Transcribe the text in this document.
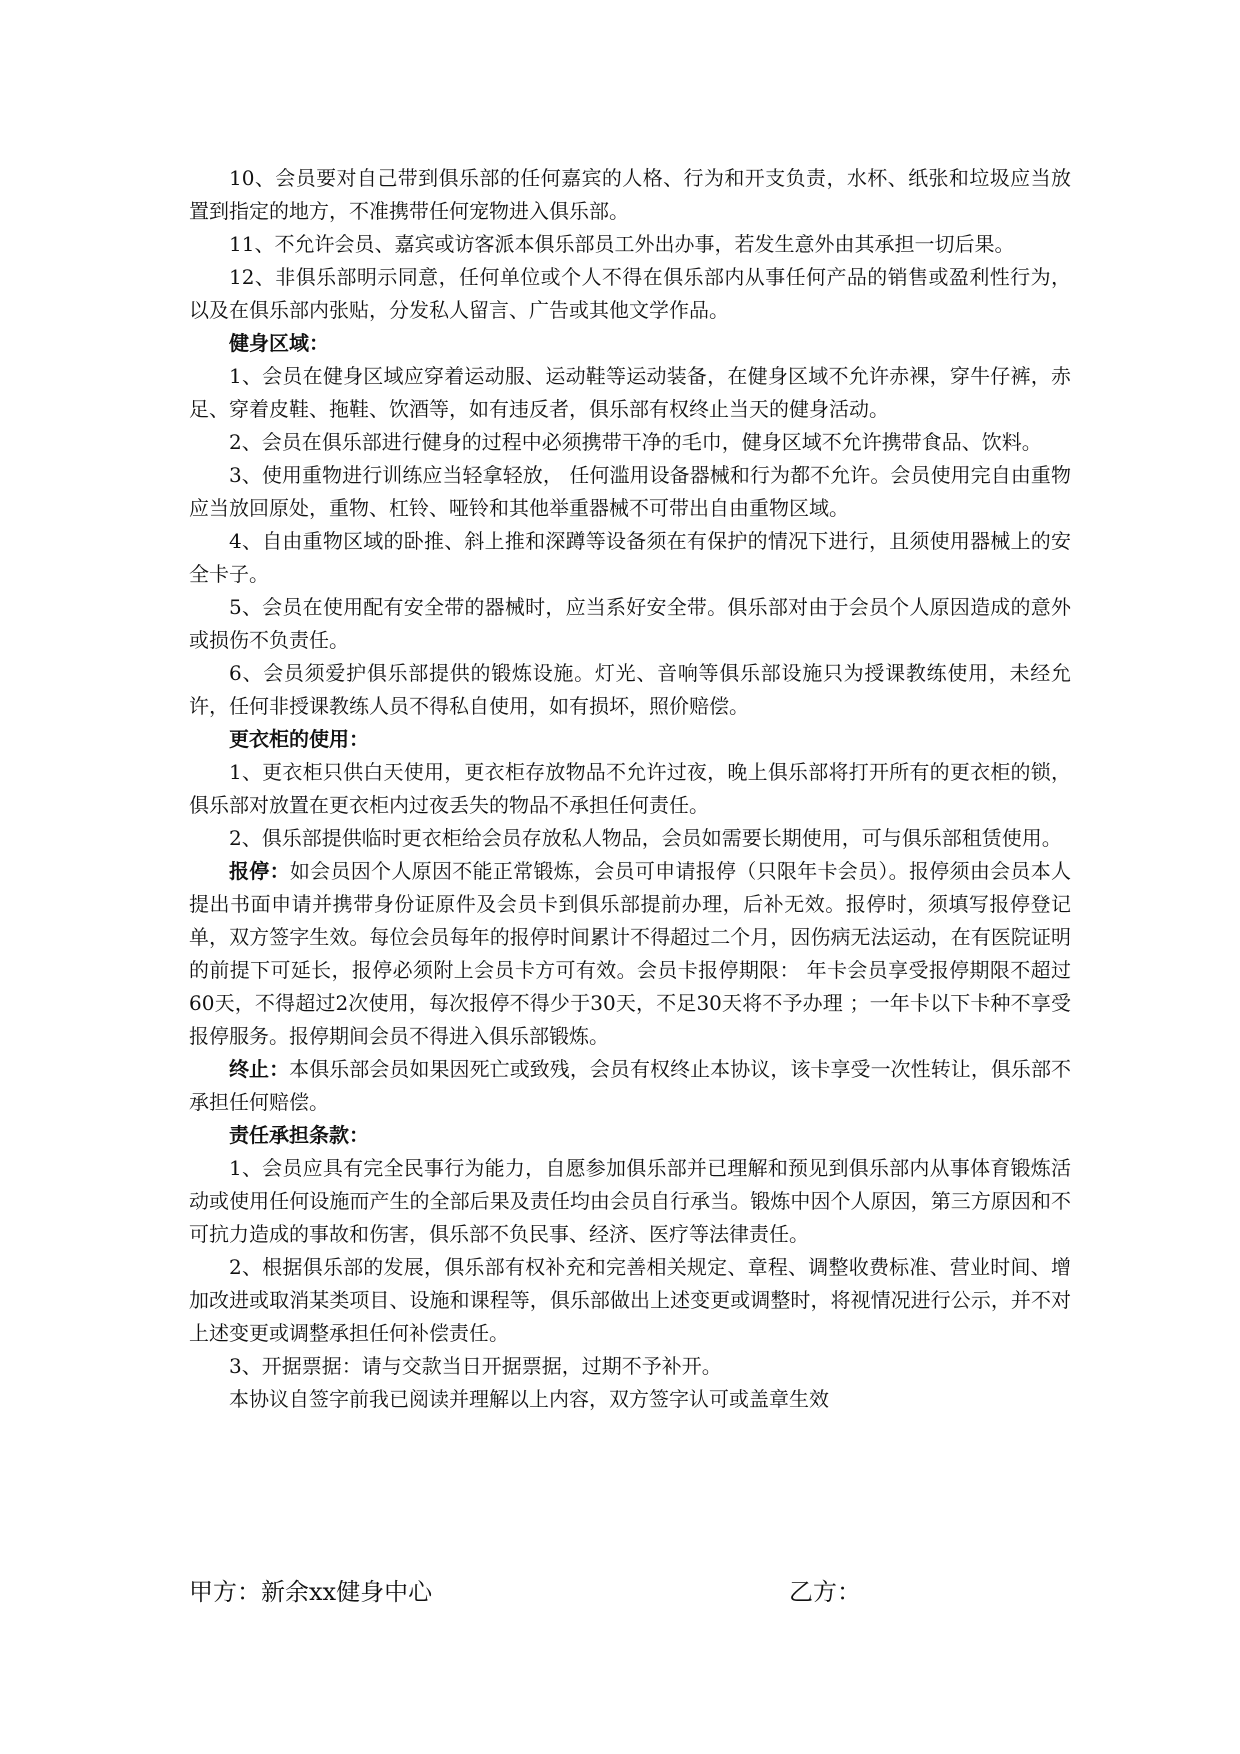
10、会员要对自己带到俱乐部的任何嘉宾的人格、行为和开支负责，水杯、纸张和垃圾应当放置到指定的地方，不准携带任何宠物进入俱乐部。

11、不允许会员、嘉宾或访客派本俱乐部员工外出办事，若发生意外由其承担一切后果。

12、非俱乐部明示同意，任何单位或个人不得在俱乐部内从事任何产品的销售或盈利性行为，以及在俱乐部内张贴，分发私人留言、广告或其他文学作品。

健身区域：

1、会员在健身区域应穿着运动服、运动鞋等运动装备，在健身区域不允许赤裸，穿牛仔裤，赤足、穿着皮鞋、拖鞋、饮酒等，如有违反者，俱乐部有权终止当天的健身活动。

2、会员在俱乐部进行健身的过程中必须携带干净的毛巾，健身区域不允许携带食品、饮料。

3、使用重物进行训练应当轻拿轻放， 任何滥用设备器械和行为都不允许。会员使用完自由重物应当放回原处，重物、杠铃、哑铃和其他举重器械不可带出自由重物区域。

4、自由重物区域的卧推、斜上推和深蹲等设备须在有保护的情况下进行，且须使用器械上的安全卡子。

5、会员在使用配有安全带的器械时，应当系好安全带。俱乐部对由于会员个人原因造成的意外或损伤不负责任。

6、会员须爱护俱乐部提供的锻炼设施。灯光、音响等俱乐部设施只为授课教练使用，未经允许，任何非授课教练人员不得私自使用，如有损坏，照价赔偿。

更衣柜的使用：

1、更衣柜只供白天使用，更衣柜存放物品不允许过夜，晚上俱乐部将打开所有的更衣柜的锁，俱乐部对放置在更衣柜内过夜丢失的物品不承担任何责任。

2、俱乐部提供临时更衣柜给会员存放私人物品，会员如需要长期使用，可与俱乐部租赁使用。

报停：如会员因个人原因不能正常锻炼，会员可申请报停（只限年卡会员）。报停须由会员本人提出书面申请并携带身份证原件及会员卡到俱乐部提前办理，后补无效。报停时，须填写报停登记单，双方签字生效。每位会员每年的报停时间累计不得超过二个月，因伤病无法运动，在有医院证明的前提下可延长，报停必须附上会员卡方可有效。会员卡报停期限： 年卡会员享受报停期限不超过60天，不得超过2次使用，每次报停不得少于30天，不足30天将不予办理 ；一年卡以下卡种不享受报停服务。报停期间会员不得进入俱乐部锻炼。

终止：本俱乐部会员如果因死亡或致残，会员有权终止本协议，该卡享受一次性转让，俱乐部不承担任何赔偿。

责任承担条款：

1、会员应具有完全民事行为能力，自愿参加俱乐部并已理解和预见到俱乐部内从事体育锻炼活动或使用任何设施而产生的全部后果及责任均由会员自行承当。锻炼中因个人原因，第三方原因和不可抗力造成的事故和伤害，俱乐部不负民事、经济、医疗等法律责任。

2、根据俱乐部的发展，俱乐部有权补充和完善相关规定、章程、调整收费标准、营业时间、增加改进或取消某类项目、设施和课程等，俱乐部做出上述变更或调整时，将视情况进行公示，并不对上述变更或调整承担任何补偿责任。

3、开据票据：请与交款当日开据票据，过期不予补开。

本协议自签字前我已阅读并理解以上内容，双方签字认可或盖章生效

甲方：新余xx健身中心	乙方：
